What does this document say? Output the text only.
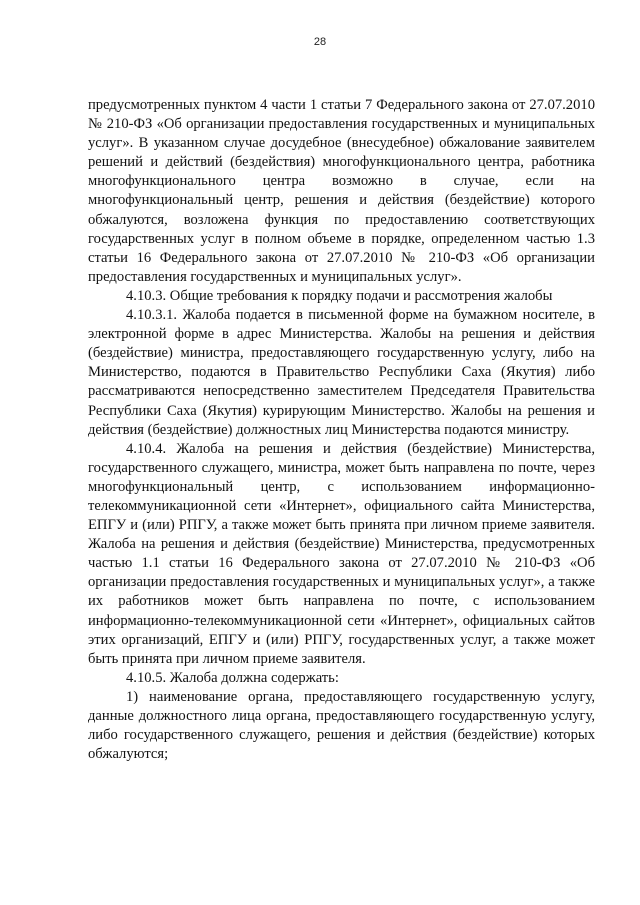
28

предусмотренных пунктом 4 части 1 статьи 7 Федерального закона от 27.07.2010 № 210-ФЗ «Об организации предоставления государственных и муниципальных услуг». В указанном случае досудебное (внесудебное) обжалование заявителем решений и действий (бездействия) многофункционального центра, работника многофункционального центра возможно в случае, если на многофункциональный центр, решения и действия (бездействие) которого обжалуются, возложена функция по предоставлению соответствующих государственных услуг в полном объеме в порядке, определенном частью 1.3 статьи 16 Федерального закона от 27.07.2010 № 210-ФЗ «Об организации предоставления государственных и муниципальных услуг».

4.10.3. Общие требования к порядку подачи и рассмотрения жалобы

4.10.3.1. Жалоба подается в письменной форме на бумажном носителе, в электронной форме в адрес Министерства. Жалобы на решения и действия (бездействие) министра, предоставляющего государственную услугу, либо на Министерство, подаются в Правительство Республики Саха (Якутия) либо рассматриваются непосредственно заместителем Председателя Правительства Республики Саха (Якутия) курирующим Министерство. Жалобы на решения и действия (бездействие) должностных лиц Министерства подаются министру.

4.10.4. Жалоба на решения и действия (бездействие) Министерства, государственного служащего, министра, может быть направлена по почте, через многофункциональный центр, с использованием информационно-телекоммуникационной сети «Интернет», официального сайта Министерства, ЕПГУ и (или) РПГУ, а также может быть принята при личном приеме заявителя. Жалоба на решения и действия (бездействие) Министерства, предусмотренных частью 1.1 статьи 16 Федерального закона от 27.07.2010 № 210-ФЗ «Об организации предоставления государственных и муниципальных услуг», а также их работников может быть направлена по почте, с использованием информационно-телекоммуникационной сети «Интернет», официальных сайтов этих организаций, ЕПГУ и (или) РПГУ, государственных услуг, а также может быть принята при личном приеме заявителя.

4.10.5. Жалоба должна содержать:

1) наименование органа, предоставляющего государственную услугу, данные должностного лица органа, предоставляющего государственную услугу, либо государственного служащего, решения и действия (бездействие) которых обжалуются;
